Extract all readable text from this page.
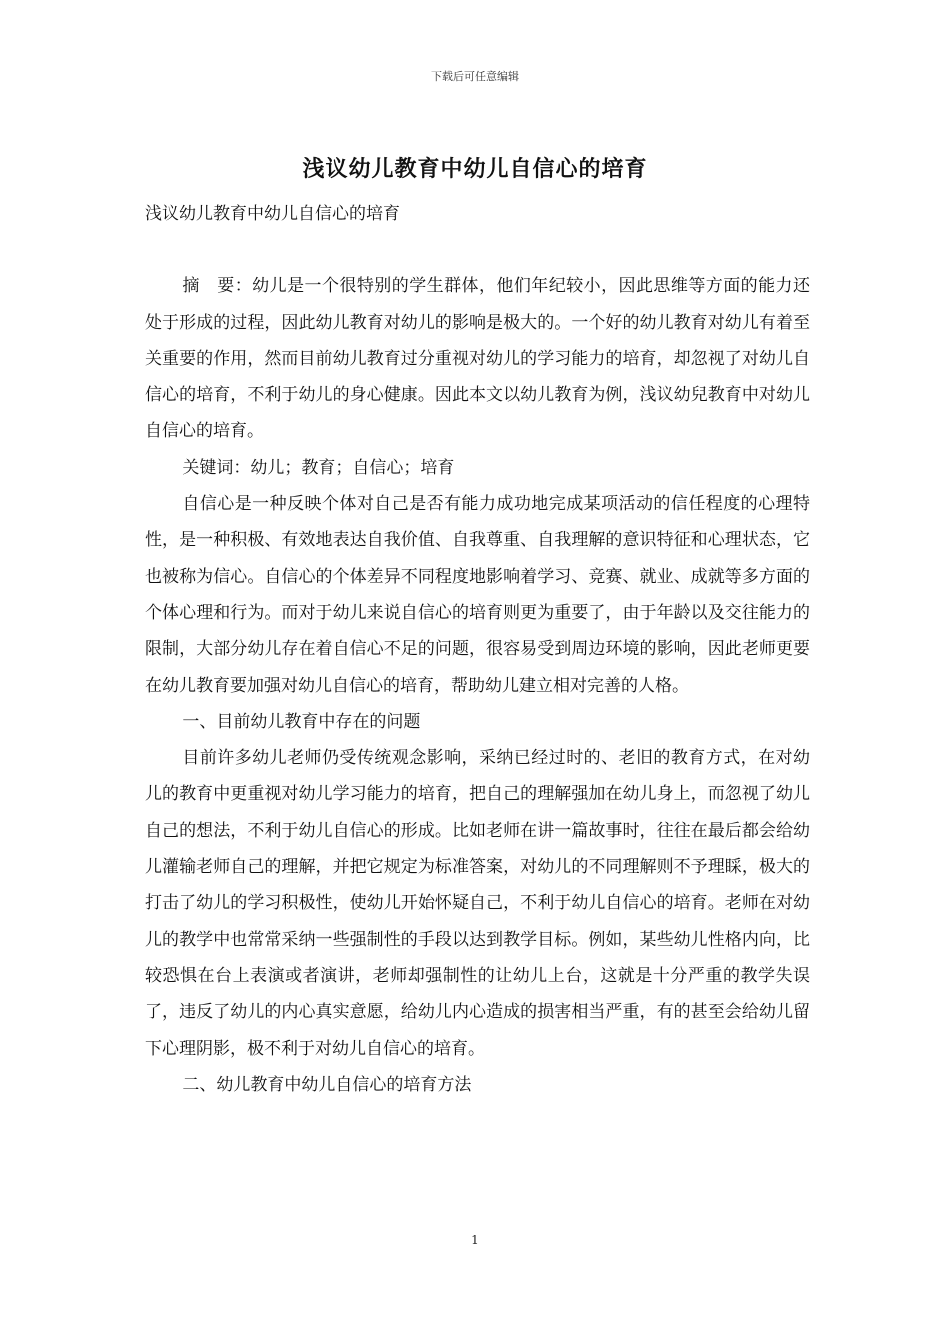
下载后可任意编辑
浅议幼儿教育中幼儿自信心的培育

浅议幼儿教育中幼儿自信心的培育

摘　要：幼儿是一个很特别的学生群体，他们年纪较小，因此思维等方面的能力还处于形成的过程，因此幼儿教育对幼儿的影响是极大的。一个好的幼儿教育对幼儿有着至关重要的作用，然而目前幼儿教育过分重视对幼儿的学习能力的培育，却忽视了对幼儿自信心的培育，不利于幼儿的身心健康。因此本文以幼儿教育为例，浅议幼兒教育中对幼儿自信心的培育。

关键词：幼儿；教育；自信心；培育

自信心是一种反映个体对自己是否有能力成功地完成某项活动的信任程度的心理特性，是一种积极、有效地表达自我价值、自我尊重、自我理解的意识特征和心理状态，它也被称为信心。自信心的个体差异不同程度地影响着学习、竞赛、就业、成就等多方面的个体心理和行为。而对于幼儿来说自信心的培育则更为重要了，由于年龄以及交往能力的限制，大部分幼儿存在着自信心不足的问题，很容易受到周边环境的影响，因此老师更要在幼儿教育要加强对幼儿自信心的培育，帮助幼儿建立相对完善的人格。

一、目前幼儿教育中存在的问题

目前许多幼儿老师仍受传统观念影响，采纳已经过时的、老旧的教育方式，在对幼儿的教育中更重视对幼儿学习能力的培育，把自己的理解强加在幼儿身上，而忽视了幼儿自己的想法，不利于幼儿自信心的形成。比如老师在讲一篇故事时，往往在最后都会给幼儿灌输老师自己的理解，并把它规定为标准答案，对幼儿的不同理解则不予理睬，极大的打击了幼儿的学习积极性，使幼儿开始怀疑自己，不利于幼儿自信心的培育。老师在对幼儿的教学中也常常采纳一些强制性的手段以达到教学目标。例如，某些幼儿性格内向，比较恐惧在台上表演或者演讲，老师却强制性的让幼儿上台，这就是十分严重的教学失误了，违反了幼儿的内心真实意愿，给幼儿内心造成的损害相当严重，有的甚至会给幼儿留下心理阴影，极不利于对幼儿自信心的培育。

二、幼儿教育中幼儿自信心的培育方法

1
